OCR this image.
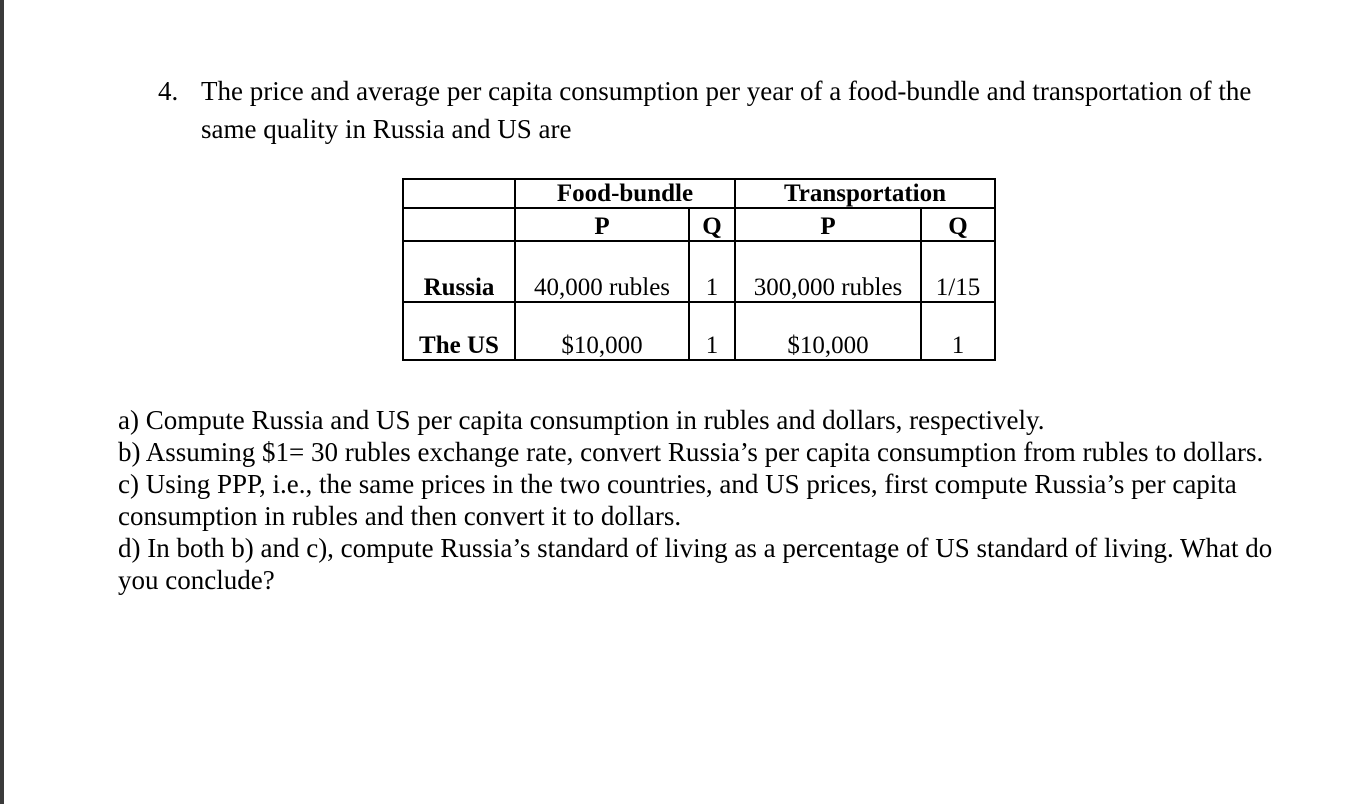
4. The price and average per capita consumption per year of a food-bundle and transportation of the same quality in Russia and US are
	Food-bundle		Transportation	
	P	Q	P	Q
Russia	40,000 rubles	1	300,000 rubles	1/15
The US	$10,000	1	$10,000	1

a) Compute Russia and US per capita consumption in rubles and dollars, respectively.

b) Assuming $1= 30 rubles exchange rate, convert Russia’s per capita consumption from rubles to dollars.

c) Using PPP, i.e., the same prices in the two countries, and US prices, first compute Russia’s per capita consumption in rubles and then convert it to dollars.

d) In both b) and c), compute Russia’s standard of living as a percentage of US standard of living. What do you conclude?
